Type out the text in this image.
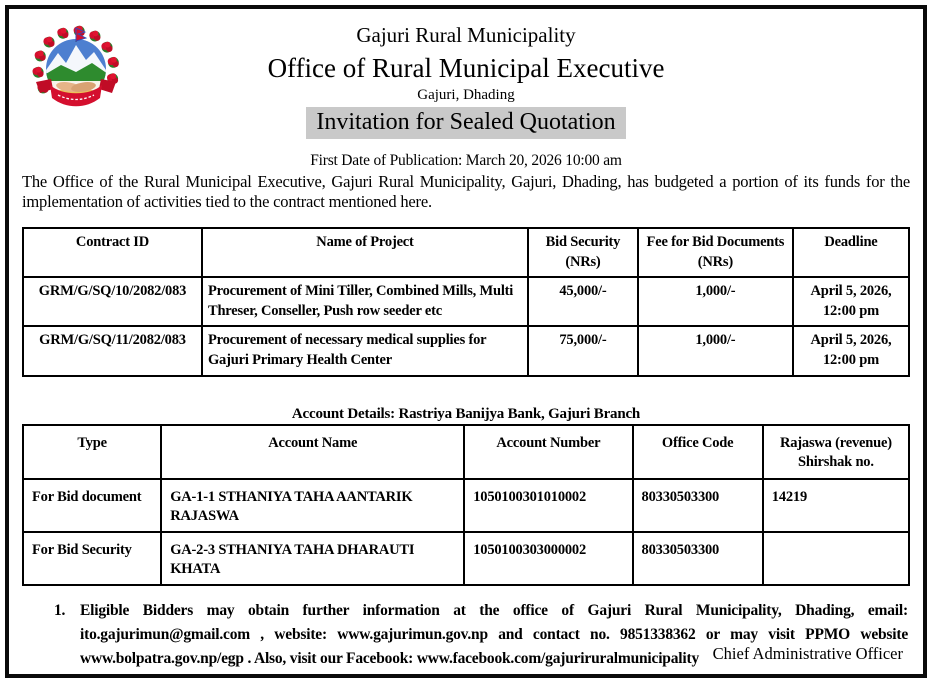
Gajuri Rural Municipality
Office of Rural Municipal Executive
Gajuri, Dhading
Invitation for Sealed Quotation
First Date of Publication: March 20, 2026 10:00 am
The Office of the Rural Municipal Executive, Gajuri Rural Municipality, Gajuri, Dhading, has budgeted a portion of its funds for the implementation of activities tied to the contract mentioned here.
Contract ID	Name of Project	Bid Security (NRs)	Fee for Bid Documents (NRs)	Deadline
GRM/G/SQ/10/2082/083	Procurement of Mini Tiller, Combined Mills, Multi Threser, Conseller, Push row seeder etc	45,000/-	1,000/-	April 5, 2026, 12:00 pm
GRM/G/SQ/11/2082/083	Procurement of necessary medical supplies for Gajuri Primary Health Center	75,000/-	1,000/-	April 5, 2026, 12:00 pm
Account Details: Rastriya Banijya Bank, Gajuri Branch
Type	Account Name	Account Number	Office Code	Rajaswa (revenue) Shirshak no.
For Bid document	GA-1-1 STHANIYA TAHA AANTARIK RAJASWA	1050100301010002	80330503300	14219
For Bid Security	GA-2-3 STHANIYA TAHA DHARAUTI KHATA	1050100303000002	80330503300	
1. Eligible Bidders may obtain further information at the office of Gajuri Rural Municipality, Dhading, email: ito.gajurimun@gmail.com , website: www.gajurimun.gov.np and contact no. 9851338362 or may visit PPMO website www.bolpatra.gov.np/egp . Also, visit our Facebook: www.facebook.com/gajuriruralmunicipality Chief Administrative Officer
